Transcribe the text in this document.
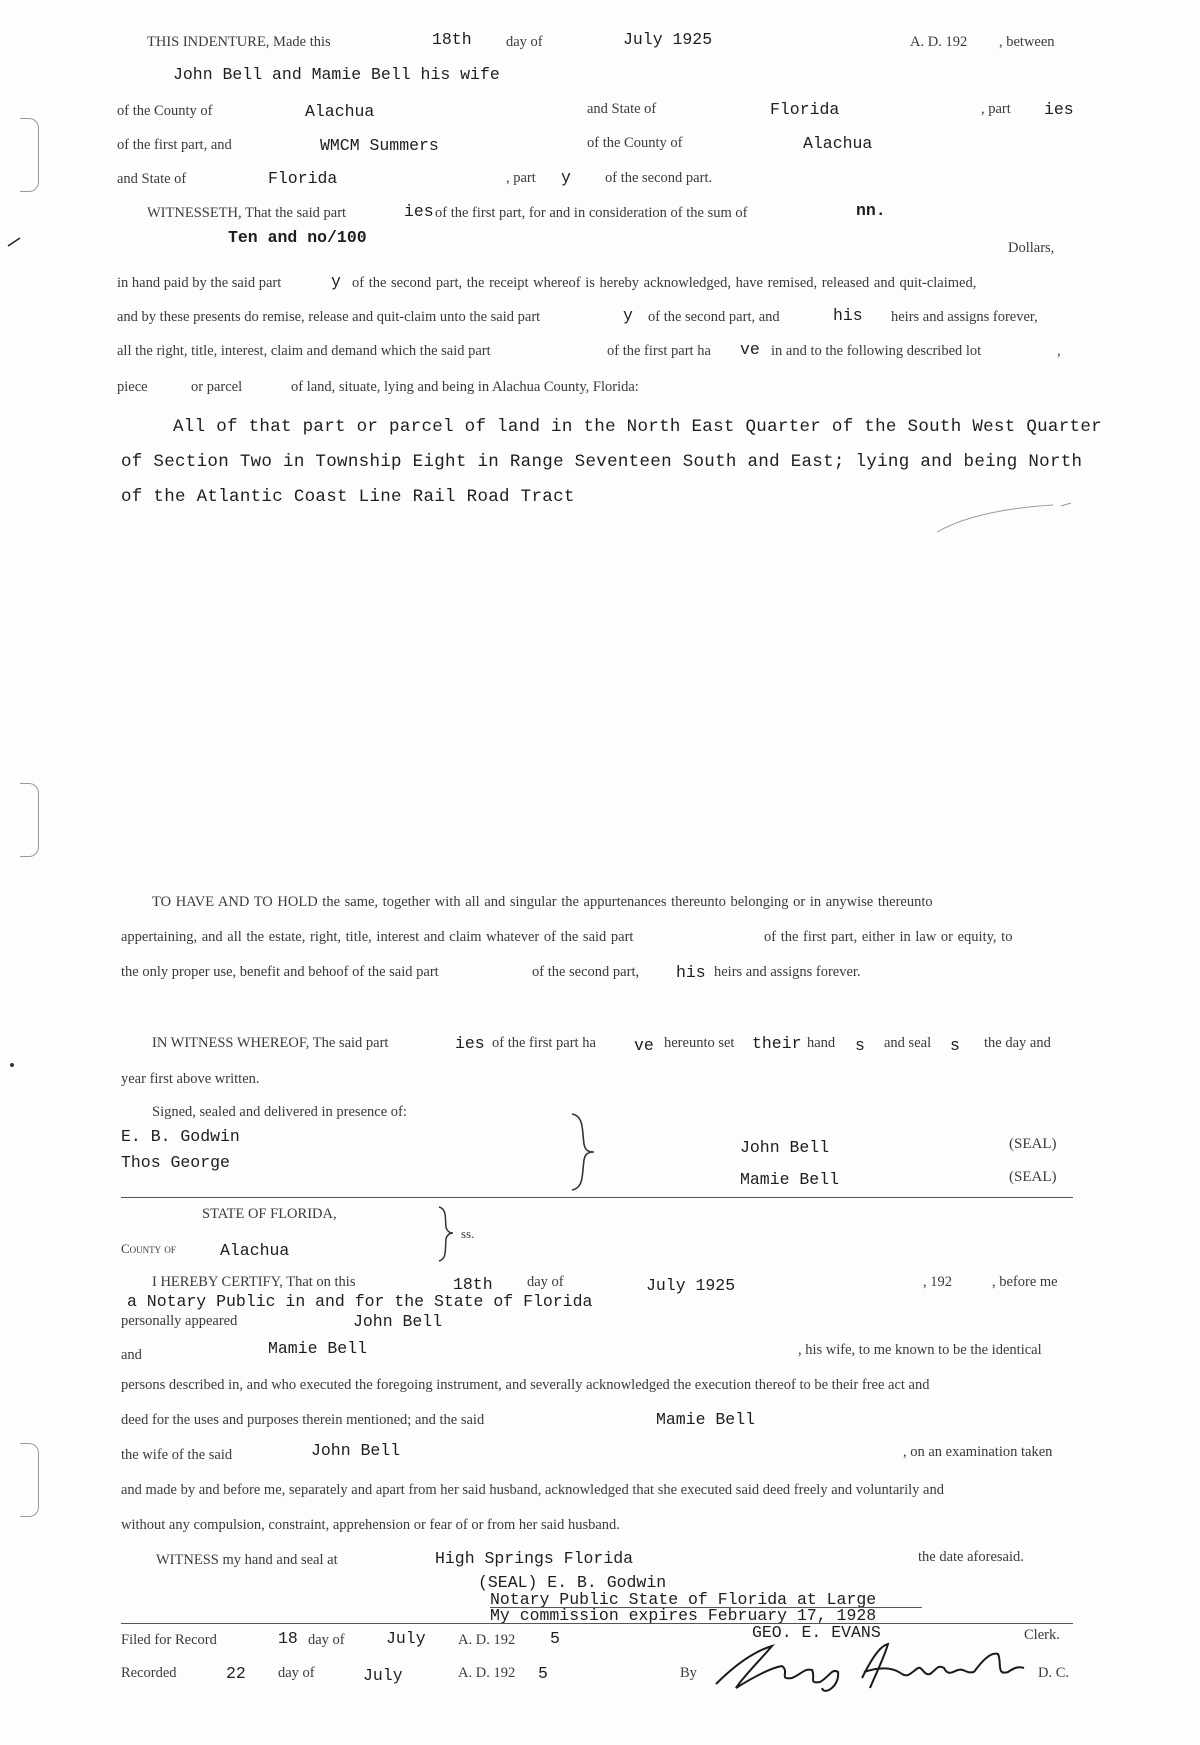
THIS INDENTURE, Made this	18th day of	July 1925	A. D. 192 , between
John Bell and Mamie Bell his wife
of the County of	Alachua	and State of	Florida	, part ies
of the first part, and	WMCM Summers	of the County of	Alachua
and State of	Florida	, part y of the second part.
WITNESSETH, That the said part	ies of the first part, for and in consideration of the sum of	nn.
Ten and no/100
Dollars,
in hand paid by the said part	y of the second part, the receipt whereof is hereby acknowledged, have remised, released and quit-claimed,
and by these presents do remise, release and quit-claim unto the said part	y of the second part, and	his heirs and assigns forever,
all the right, title, interest, claim and demand which the said part	of the first part ha ve in and to the following described lot	,
piece	or parcel	of land, situate, lying and being in Alachua County, Florida:
All of that part or parcel of land in the North East Quarter of the South West Quarter
of Section Two in Township Eight in Range Seventeen South and East; lying and being North
of the Atlantic Coast Line Rail Road Tract
TO HAVE AND TO HOLD the same, together with all and singular the appurtenances thereunto belonging or in anywise thereunto
appertaining, and all the estate, right, title, interest and claim whatever of the said part	of the first part, either in law or equity, to
the only proper use, benefit and behoof of the said part	of the second part, his heirs and assigns forever.
IN WITNESS WHEREOF, The said part	ies of the first part ha ve hereunto set their hand s and seal s the day and
year first above written.
Signed, sealed and delivered in presence of:
E. B. Godwin
Thos George
John Bell	(SEAL)
Mamie Bell	(SEAL)
STATE OF FLORIDA,
ss.
County of	Alachua
I HEREBY CERTIFY, That on this	18th day of	July 1925	, 192	, before me
a Notary Public in and for the State of Florida
personally appeared	John Bell
and	Mamie Bell	, his wife, to me known to be the identical
persons described in, and who executed the foregoing instrument, and severally acknowledged the execution thereof to be their free act and
deed for the uses and purposes therein mentioned; and the said	Mamie Bell
the wife of the said	John Bell	, on an examination taken
and made by and before me, separately and apart from her said husband, acknowledged that she executed said deed freely and voluntarily and
without any compulsion, constraint, apprehension or fear of or from her said husband.
WITNESS my hand and seal at	High Springs Florida	the date aforesaid.
(SEAL) E. B. Godwin
Notary Public State of Florida at Large
My commission expires February 17, 1928
Filed for Record	18 day of	July A. D. 192 5	GEO. E. EVANS	Clerk.
Recorded	22 day of	July	A. D. 192 5	By	D. C.
